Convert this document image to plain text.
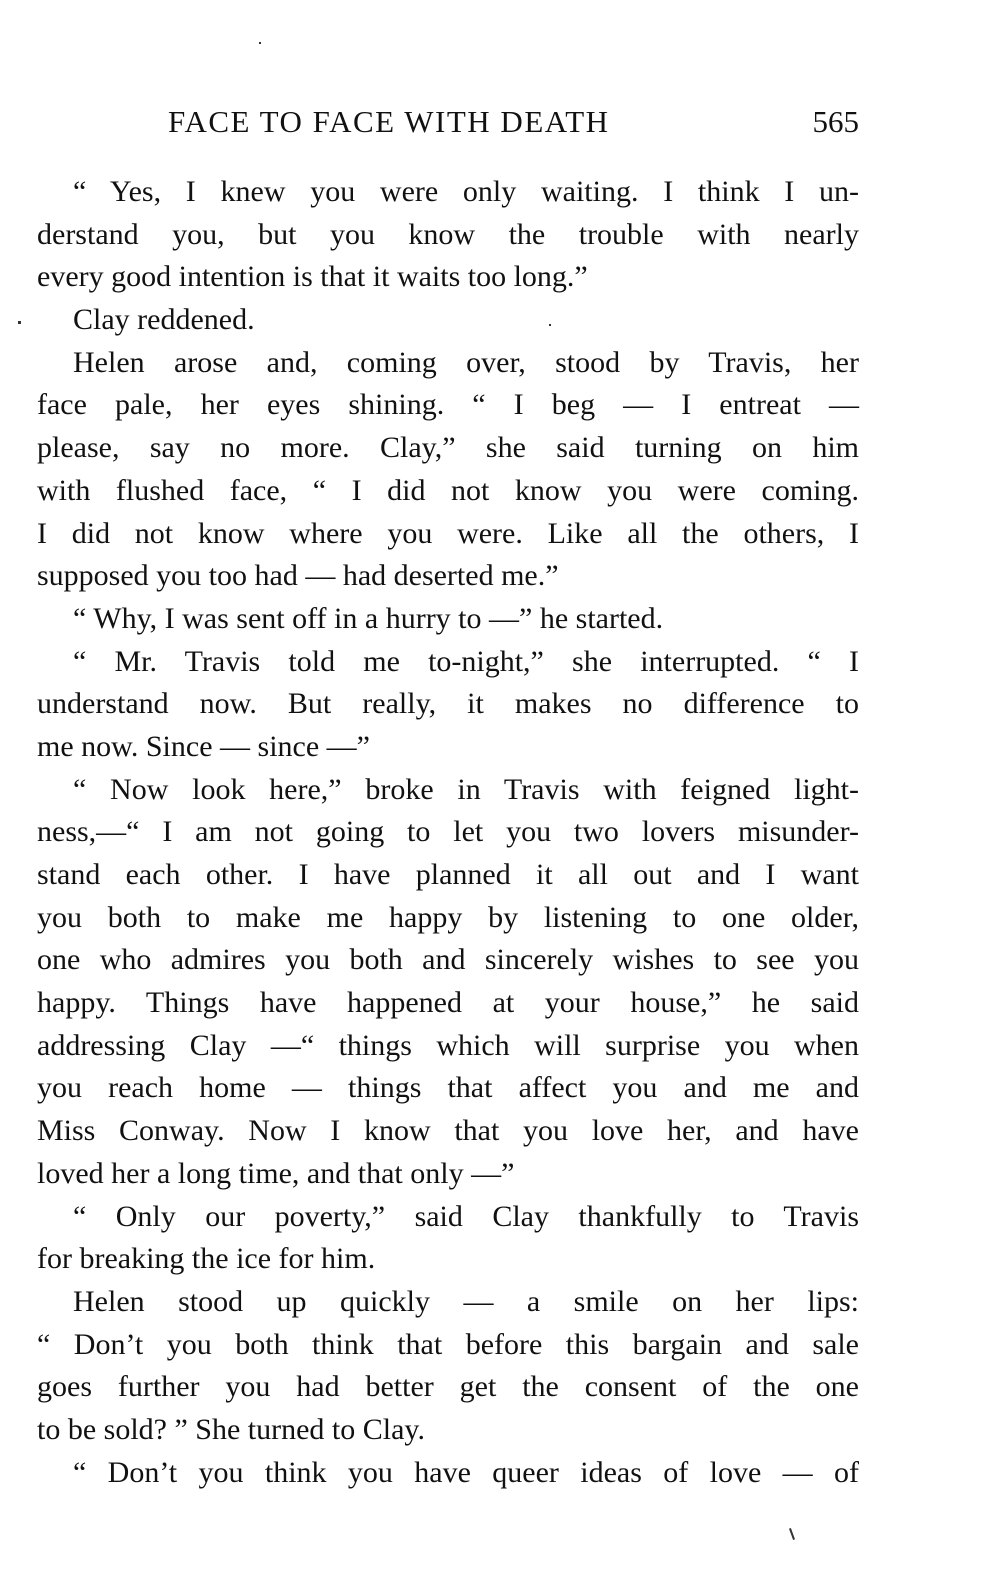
FACE TO FACE WITH DEATH	565
“ Yes, I knew you were only waiting. I think I un-
derstand you, but you know the trouble with nearly
every good intention is that it waits too long.”
Clay reddened.
Helen arose and, coming over, stood by Travis, her
face pale, her eyes shining. “ I beg — I entreat —
please, say no more. Clay,” she said turning on him
with flushed face, “ I did not know you were coming.
I did not know where you were. Like all the others, I
supposed you too had — had deserted me.”
“ Why, I was sent off in a hurry to —” he started.
“ Mr. Travis told me to-night,” she interrupted. “ I
understand now. But really, it makes no difference to
me now. Since — since —”
“ Now look here,” broke in Travis with feigned light-
ness,—“ I am not going to let you two lovers misunder-
stand each other. I have planned it all out and I want
you both to make me happy by listening to one older,
one who admires you both and sincerely wishes to see you
happy. Things have happened at your house,” he said
addressing Clay —“ things which will surprise you when
you reach home — things that affect you and me and
Miss Conway. Now I know that you love her, and have
loved her a long time, and that only —”
“ Only our poverty,” said Clay thankfully to Travis
for breaking the ice for him.
Helen stood up quickly — a smile on her lips:
“ Don’t you both think that before this bargain and sale
goes further you had better get the consent of the one
to be sold? ” She turned to Clay.
“ Don’t you think you have queer ideas of love — of
